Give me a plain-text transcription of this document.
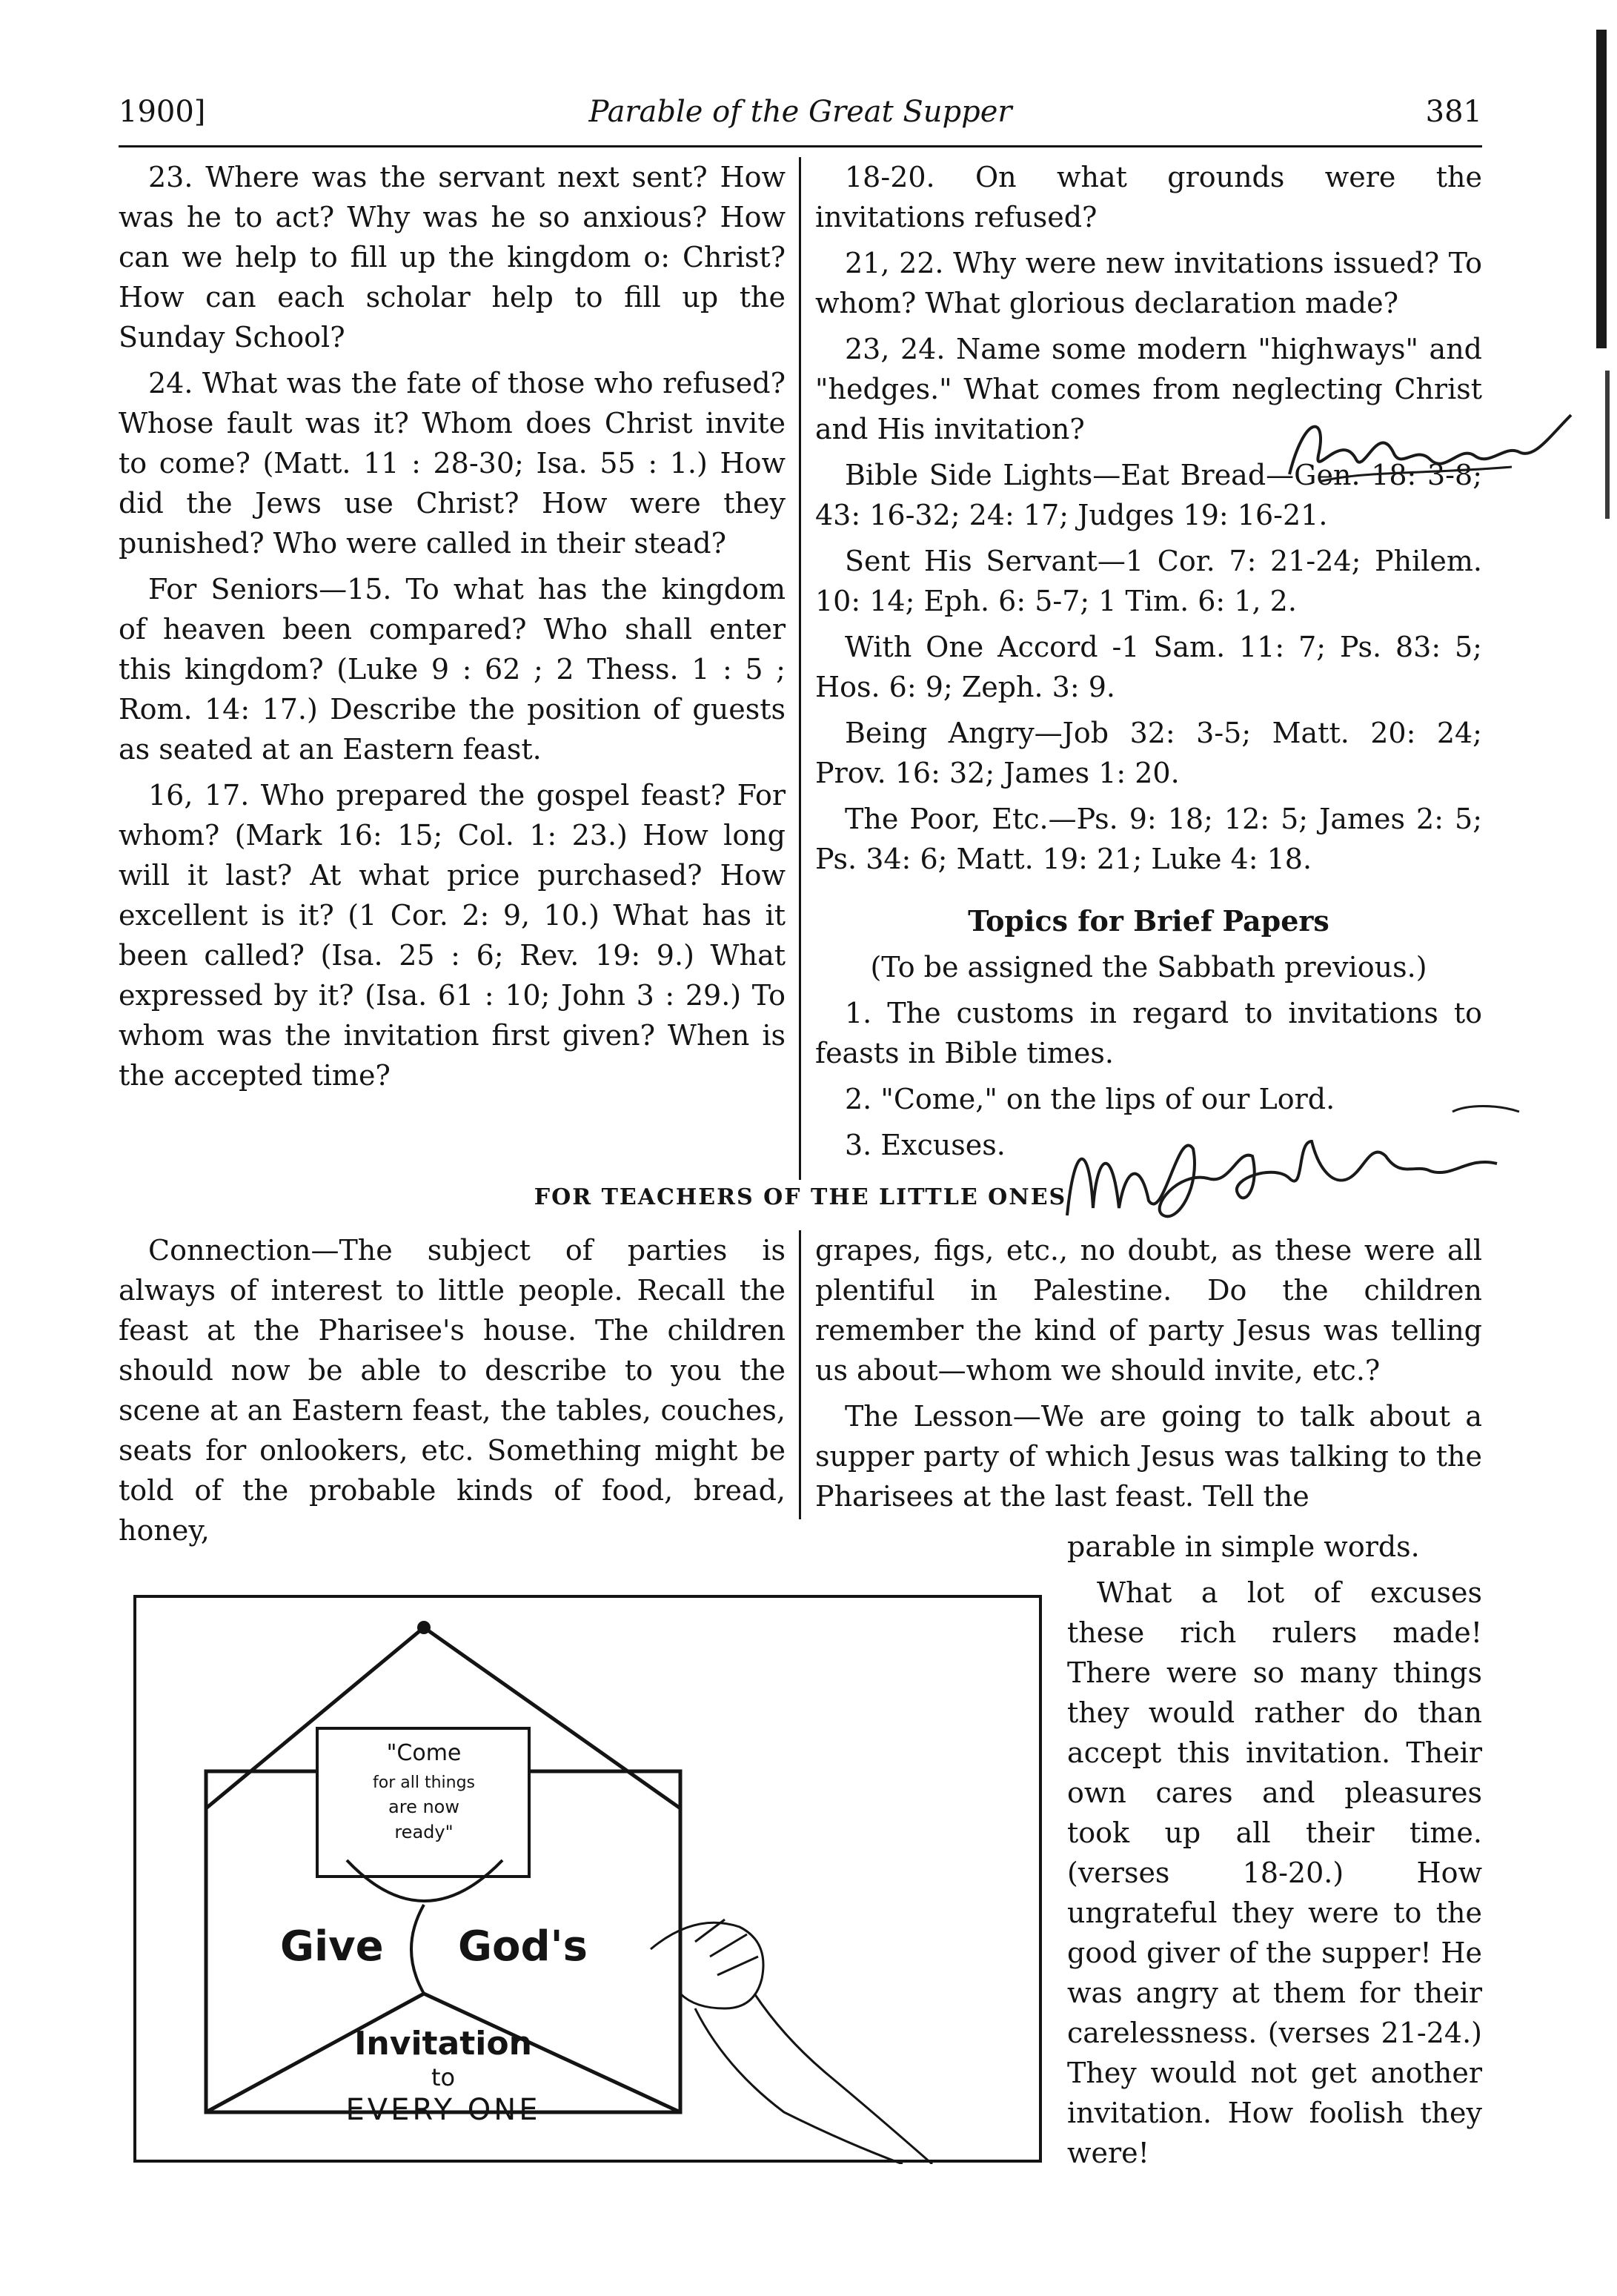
1900]	Parable of the Great Supper	381

23. Where was the servant next sent? How was he to act? Why was he so anxious? How can we help to fill up the kingdom o: Christ? How can each scholar help to fill up the Sunday School?

24. What was the fate of those who refused? Whose fault was it? Whom does Christ invite to come? (Matt. 11 : 28-30; Isa. 55 : 1.) How did the Jews use Christ? How were they punished? Who were called in their stead?

For Seniors—15. To what has the kingdom of heaven been compared? Who shall enter this kingdom? (Luke 9 : 62 ; 2 Thess. 1 : 5 ; Rom. 14: 17.) Describe the position of guests as seated at an Eastern feast.

16, 17. Who prepared the gospel feast? For whom? (Mark 16: 15; Col. 1: 23.) How long will it last? At what price purchased? How excellent is it? (1 Cor. 2: 9, 10.) What has it been called? (Isa. 25 : 6; Rev. 19: 9.) What expressed by it? (Isa. 61 : 10; John 3 : 29.) To whom was the invitation first given? When is the accepted time?

18-20. On what grounds were the invitations refused?

21, 22. Why were new invitations issued? To whom? What glorious declaration made?

23, 24. Name some modern "highways" and "hedges." What comes from neglecting Christ and His invitation?

Bible Side Lights—Eat Bread—Gen. 18: 3-8; 43: 16-32; 24: 17; Judges 19: 16-21.

Sent His Servant—1 Cor. 7: 21-24; Philem. 10: 14; Eph. 6: 5-7; 1 Tim. 6: 1, 2.

With One Accord -1 Sam. 11: 7; Ps. 83: 5; Hos. 6: 9; Zeph. 3: 9.

Being Angry—Job 32: 3-5; Matt. 20: 24; Prov. 16: 32; James 1: 20.

The Poor, Etc.—Ps. 9: 18; 12: 5; James 2: 5; Ps. 34: 6; Matt. 19: 21; Luke 4: 18.

Topics for Brief Papers

(To be assigned the Sabbath previous.)

1. The customs in regard to invitations to feasts in Bible times.

2. "Come," on the lips of our Lord.

3. Excuses.

FOR TEACHERS OF THE LITTLE ONES

Connection—The subject of parties is always of interest to little people. Recall the feast at the Pharisee's house. The children should now be able to describe to you the scene at an Eastern feast, the tables, couches, seats for onlookers, etc. Something might be told of the probable kinds of food, bread, honey,

grapes, figs, etc., no doubt, as these were all plentiful in Palestine. Do the children remember the kind of party Jesus was telling us about—whom we should invite, etc.?

The Lesson—We are going to talk about a supper party of which Jesus was talking to the Pharisees at the last feast. Tell the

parable in simple words.

What a lot of excuses these rich rulers made! There were so many things they would rather do than accept this invitation. Their own cares and pleasures took up all their time. (verses 18-20.) How ungrateful they were to the good giver of the supper! He was angry at them for their carelessness. (verses 21-24.) They would not get another invitation. How foolish they were!

"Come
for all things
are now
ready"
Give God's
Invitation
to
EVERY ONE
